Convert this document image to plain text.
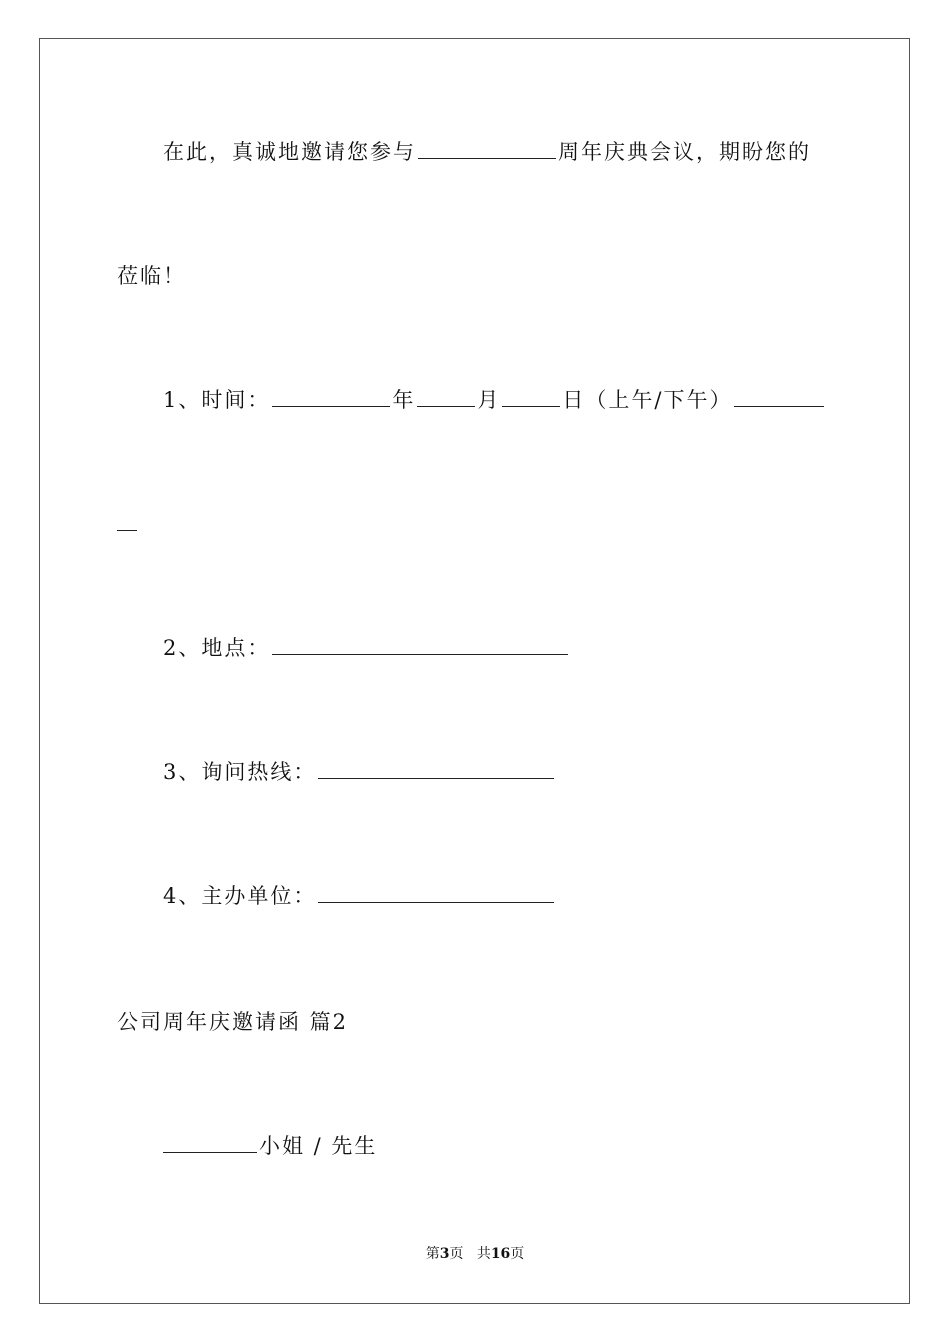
在此，真诚地邀请您参与	周年庆典会议，期盼您的
莅临！
1、时间：	年	月	日（上午/下午）
2、地点：
3、询问热线：
4、主办单位：
公司周年庆邀请函 篇2
小姐 / 先生
第3页 共16页
